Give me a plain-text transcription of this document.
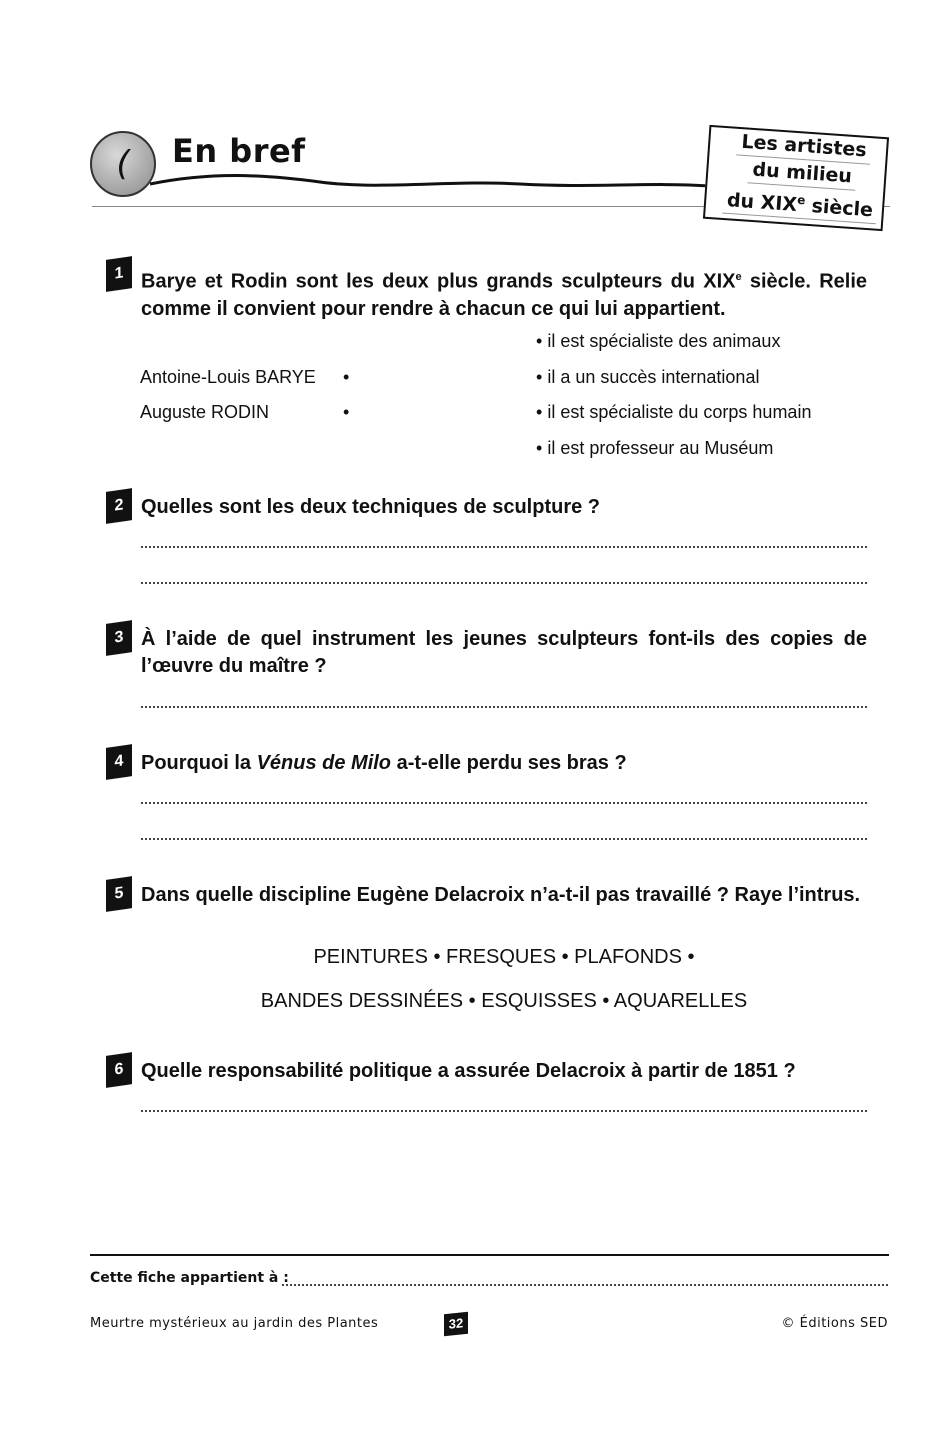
(	En bref	Les artistes
du milieu
du XIXe siècle
1 Barye et Rodin sont les deux plus grands sculpteurs du XIXe siècle. Relie comme il convient pour rendre à chacun ce qui lui appartient.
Antoine-Louis BARYE •
Auguste RODIN	•
• il est spécialiste des animaux
• il a un succès international
• il est spécialiste du corps humain
• il est professeur au Muséum
2 Quelles sont les deux techniques de sculpture ?
3 À l’aide de quel instrument les jeunes sculpteurs font-ils des copies de l’œuvre du maître ?
4 Pourquoi la Vénus de Milo a-t-elle perdu ses bras ?
5 Dans quelle discipline Eugène Delacroix n’a-t-il pas travaillé ? Raye l’intrus.
PEINTURES • FRESQUES • PLAFONDS •
BANDES DESSINÉES • ESQUISSES • AQUARELLES
6 Quelle responsabilité politique a assurée Delacroix à partir de 1851 ?
Cette fiche appartient à :
Meurtre mystérieux au jardin des Plantes	32	© Éditions SED
